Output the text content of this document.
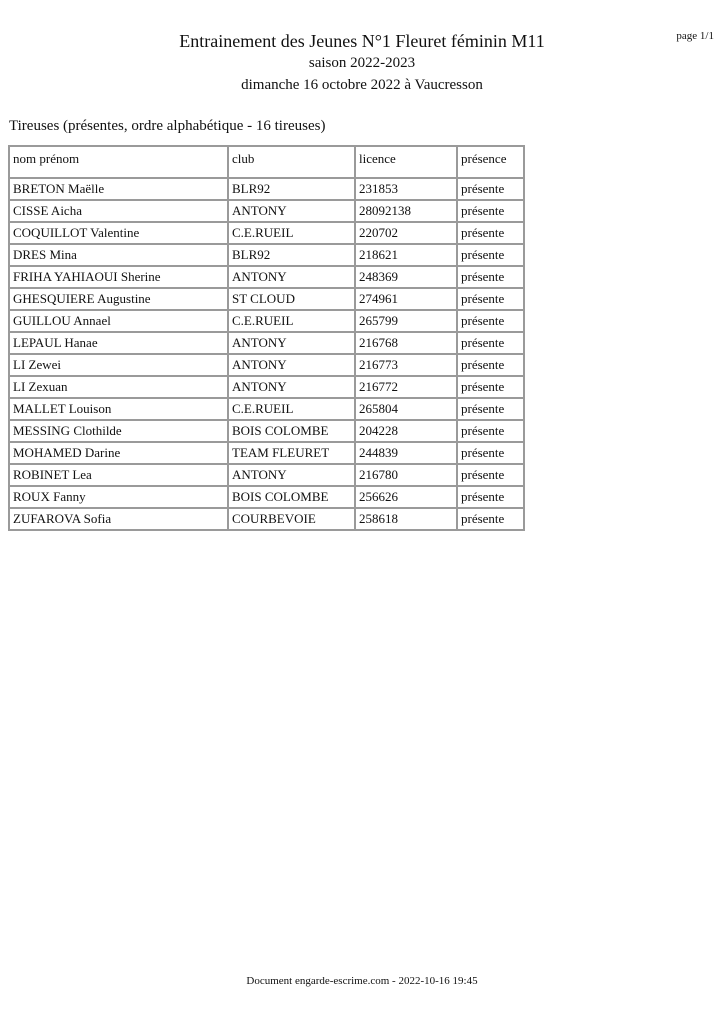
page 1/1
Entrainement des Jeunes N°1 Fleuret féminin M11
saison 2022-2023
dimanche 16 octobre 2022 à Vaucresson
Tireuses (présentes, ordre alphabétique - 16 tireuses)
nom prénom	club	licence	présence
BRETON Maëlle	BLR92	231853	présente
CISSE Aicha	ANTONY	28092138	présente
COQUILLOT Valentine	C.E.RUEIL	220702	présente
DRES Mina	BLR92	218621	présente
FRIHA YAHIAOUI Sherine	ANTONY	248369	présente
GHESQUIERE Augustine	ST CLOUD	274961	présente
GUILLOU Annael	C.E.RUEIL	265799	présente
LEPAUL Hanae	ANTONY	216768	présente
LI Zewei	ANTONY	216773	présente
LI Zexuan	ANTONY	216772	présente
MALLET Louison	C.E.RUEIL	265804	présente
MESSING Clothilde	BOIS COLOMBE	204228	présente
MOHAMED Darine	TEAM FLEURET	244839	présente
ROBINET Lea	ANTONY	216780	présente
ROUX Fanny	BOIS COLOMBE	256626	présente
ZUFAROVA Sofia	COURBEVOIE	258618	présente
Document engarde-escrime.com - 2022-10-16 19:45
